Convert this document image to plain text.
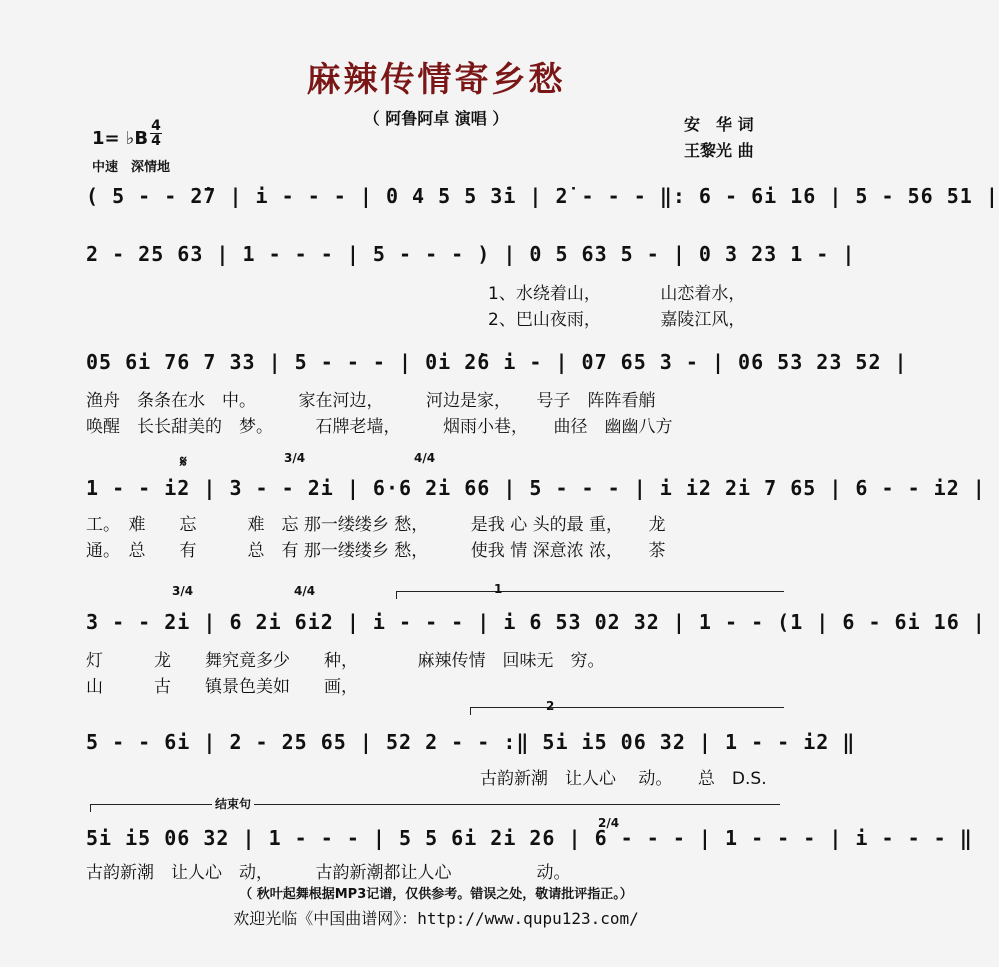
麻辣传情寄乡愁
（ 阿鲁阿卓 演唱 ）	安　华 词
王黎光 曲
1= ♭B
4
4
中速　深情地
( 5 - - 2̇7 | i - - - | 0 4 5 5 3̇i | 2̇ - - - ‖: 6 - 6i 16 | 5 - 56 51 |
2 - 25 63 | 1 - - - | 5 - - - ) | 0 5 63 5 - | 0 3 23 1 - |
1、水绕着山，　　　　山恋着水，
2、巴山夜雨，　　　　嘉陵江风，
05 6i 76 7 33 | 5 - - - | 0i 2̇6 i - | 07 65 3 - | 06 53 23 52 |
渔舟　条条在水　中。　　　家在河边，　　　河边是家，　　号子　阵阵看艄
唤醒　长长甜美的　梦。　　　石牌老墙，　　　烟雨小巷，　　曲径　幽幽八方
𝄋	3/4	4/4
1 - - i2 | 3 - - 2i | 6·6 2i 66 | 5 - - - | i i2 2i 7 65 | 6 - - i2 |
工。　难　　忘　　　难　忘 那一缕缕乡 愁，　　　是我 心 头的最 重，　　龙
通。　总　　有　　　总　有 那一缕缕乡 愁，　　　使我 情 深意浓 浓，　　茶
3/4	4/4	1
3 - - 2i | 6 2i 6i2 | i - - - | i 6 53 02 32 | 1 - - (1 | 6 - 6i 16 |
灯　　　龙　　舞究竟多少　　种，　　　　麻辣传情　回味无　穷。
山　　　古　　镇景色美如　　画，
2
5 - - 6i | 2 - 25 65 | 52 2 - - :‖ 5i i5 06 32 | 1 - - i2 ‖
古韵新潮　让人心　 动。　　总　D.S.
结束句
2/4
5i i5 06 32 | 1 - - - | 5 5 6i 2i 26 | 6 - - - | 1 - - - | i - - - ‖
古韵新潮　让人心　动，　　　古韵新潮都让人心　　　　　动。
（ 秋叶起舞根据MP3记谱，仅供参考。错误之处，敬请批评指正。）
欢迎光临《中国曲谱网》：http://www.qupu123.com/
